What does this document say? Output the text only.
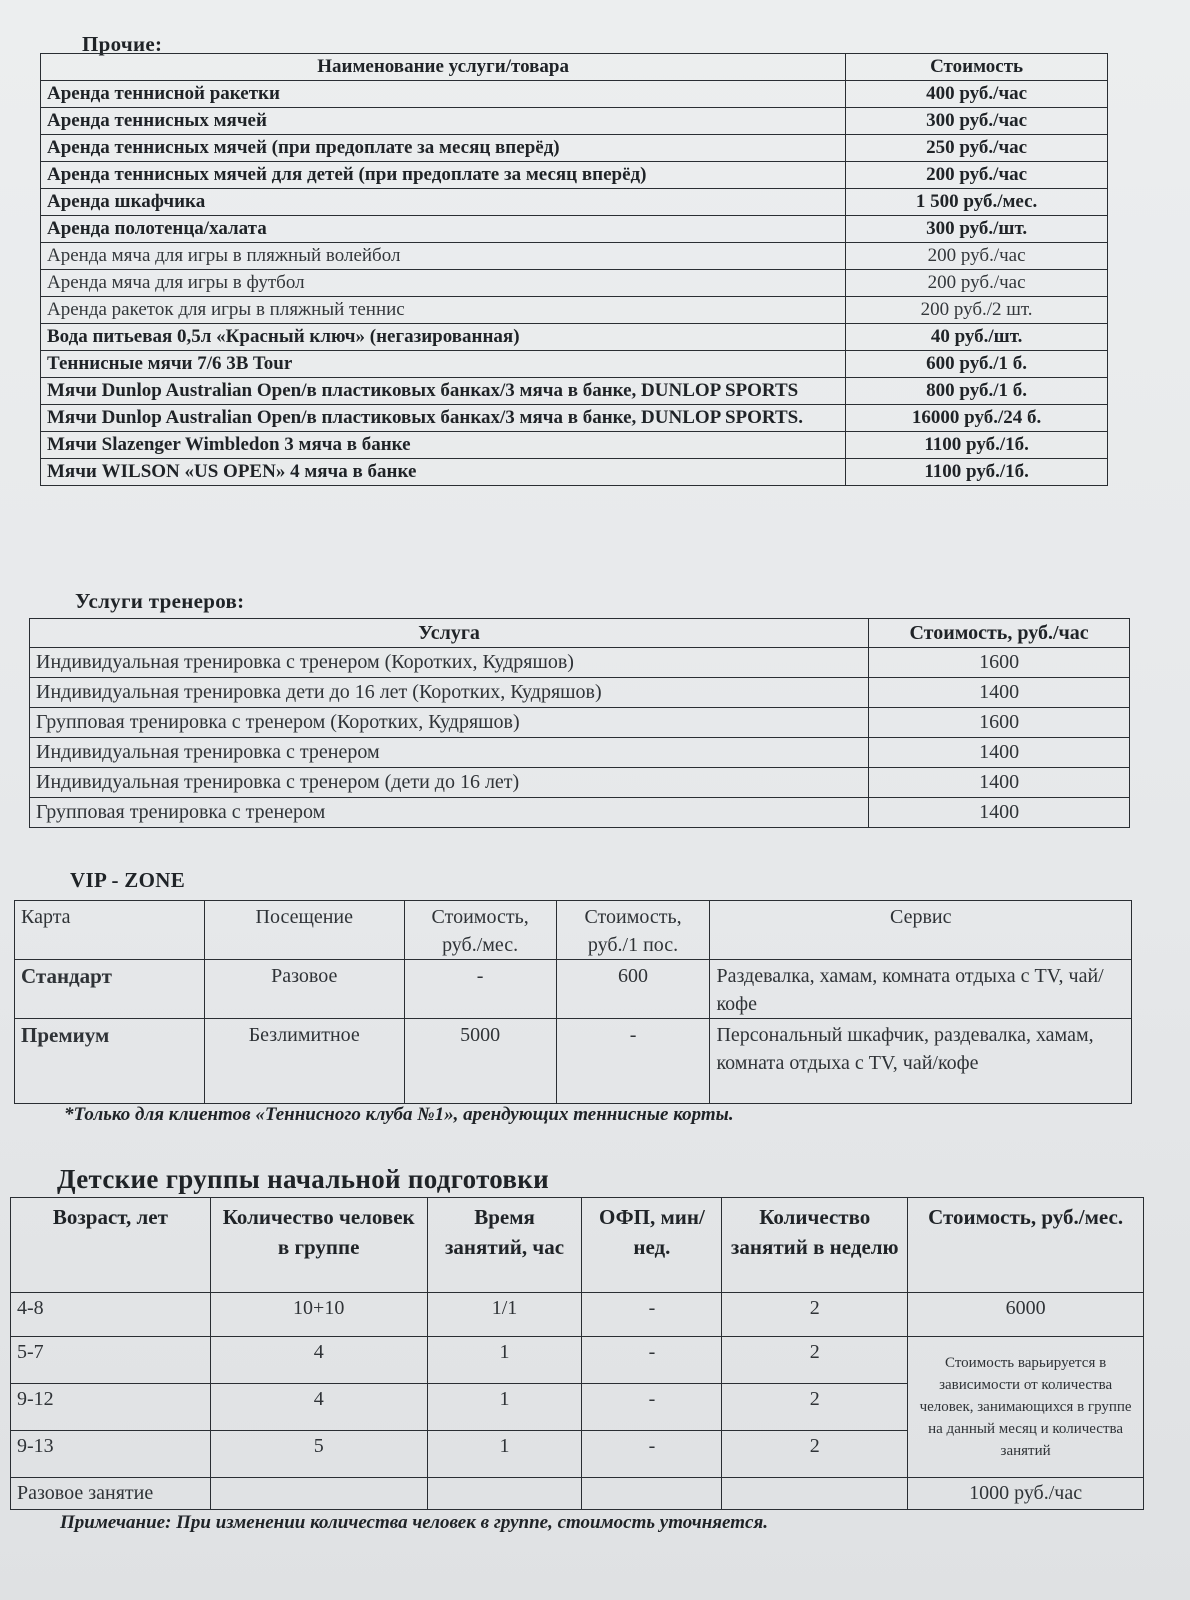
Прочие:
Наименование услуги/товара	Стоимость
Аренда теннисной ракетки	400 руб./час
Аренда теннисных мячей	300 руб./час
Аренда теннисных мячей (при предоплате за месяц вперёд)	250 руб./час
Аренда теннисных мячей для детей (при предоплате за месяц вперёд)	200 руб./час
Аренда шкафчика	1 500 руб./мес.
Аренда полотенца/халата	300 руб./шт.
Аренда мяча для игры в пляжный волейбол	200 руб./час
Аренда мяча для игры в футбол	200 руб./час
Аренда ракеток для игры в пляжный теннис	200 руб./2 шт.
Вода питьевая 0,5л «Красный ключ» (негазированная)	40 руб./шт.
Теннисные мячи 7/6 3B Tour	600 руб./1 б.
Мячи Dunlop Australian Open/в пластиковых банках/3 мяча в банке, DUNLOP SPORTS	800 руб./1 б.
Мячи Dunlop Australian Open/в пластиковых банках/3 мяча в банке, DUNLOP SPORTS.	16000 руб./24 б.
Мячи Slazenger Wimbledon 3 мяча в банке	1100 руб./1б.
Мячи WILSON «US OPEN» 4 мяча в банке	1100 руб./1б.
Услуги тренеров:
Услуга	Стоимость, руб./час
Индивидуальная тренировка с тренером (Коротких, Кудряшов)	1600
Индивидуальная тренировка дети до 16 лет (Коротких, Кудряшов)	1400
Групповая тренировка с тренером (Коротких, Кудряшов)	1600
Индивидуальная тренировка с тренером	1400
Индивидуальная тренировка с тренером (дети до 16 лет)	1400
Групповая тренировка с тренером	1400
VIP - ZONE
Карта	Посещение	Стоимость, руб./мес.	Стоимость, руб./1 пос.	Сервис
Стандарт	Разовое	-	600	Раздевалка, хамам, комната отдыха с TV, чай/кофе
Премиум	Безлимитное	5000	-	Персональный шкафчик, раздевалка, хамам, комната отдыха с TV, чай/кофе
*Только для клиентов «Теннисного клуба №1», арендующих теннисные корты.
Детские группы начальной подготовки
Возраст, лет	Количество человек в группе	Время занятий, час	ОФП, мин/нед.	Количество занятий в неделю	Стоимость, руб./мес.
4-8	10+10	1/1	-	2	6000
5-7	4	1	-	2	Стоимость варьируется в зависимости от количества человек, занимающихся в группе на данный месяц и количества занятий
9-12	4	1	-	2	
9-13	5	1	-	2	
Разовое занятие					1000 руб./час
Примечание: При изменении количества человек в группе, стоимость уточняется.
